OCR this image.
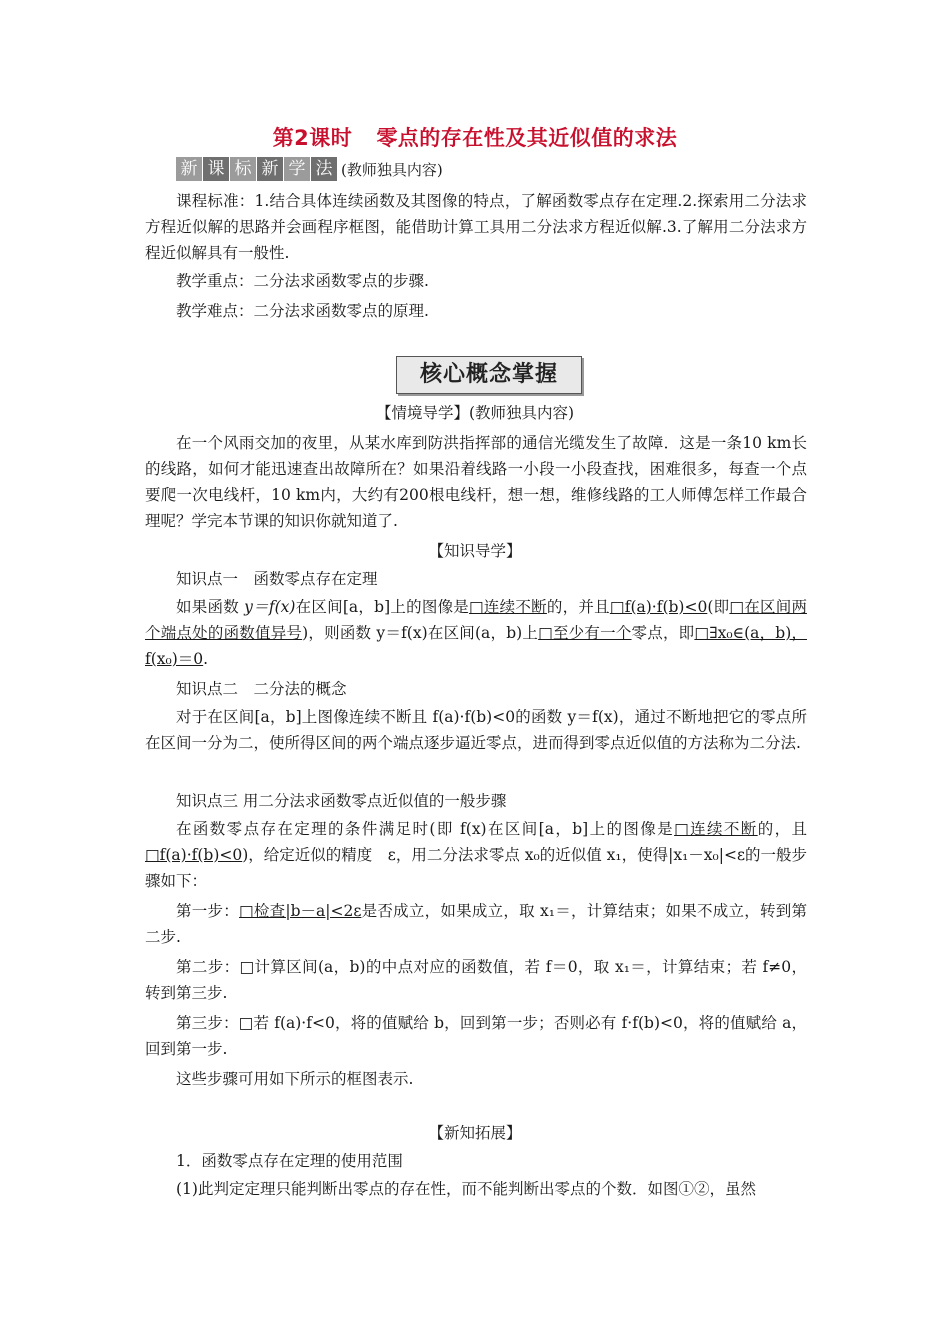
第2课时 零点的存在性及其近似值的求法
新 课 标 新 学 法 (教师独具内容)

课程标准：1.结合具体连续函数及其图像的特点，了解函数零点存在定理.2.探索用二分法求方程近似解的思路并会画程序框图，能借助计算工具用二分法求方程近似解.3.了解用二分法求方程近似解具有一般性.

教学重点：二分法求函数零点的步骤.

教学难点：二分法求函数零点的原理.

核心概念掌握

【情境导学】(教师独具内容)

在一个风雨交加的夜里，从某水库到防洪指挥部的通信光缆发生了故障．这是一条10 km长的线路，如何才能迅速查出故障所在？如果沿着线路一小段一小段查找，困难很多，每查一个点要爬一次电线杆，10 km内，大约有200根电线杆，想一想，维修线路的工人师傅怎样工作最合理呢？学完本节课的知识你就知道了.

【知识导学】

知识点一　函数零点存在定理

如果函数 y＝f(x)在区间[a，b]上的图像是□连续不断的，并且□f(a)·f(b)<0(即□在区间两个端点处的函数值异号)，则函数 y＝f(x)在区间(a，b)上□至少有一个零点，即□∃x₀∈(a，b)，f(x₀)＝0.

知识点二　二分法的概念

对于在区间[a，b]上图像连续不断且 f(a)·f(b)<0的函数 y＝f(x)，通过不断地把它的零点所在区间一分为二，使所得区间的两个端点逐步逼近零点，进而得到零点近似值的方法称为二分法.

知识点三 用二分法求函数零点近似值的一般步骤

在函数零点存在定理的条件满足时(即 f(x)在区间[a，b]上的图像是□连续不断的，且□f(a)·f(b)<0)，给定近似的精度　ε，用二分法求零点 x₀的近似值 x₁，使得|x₁－x₀|<ε的一般步骤如下：

第一步：□检查|b－a|<2ε是否成立，如果成立，取 x₁＝，计算结束；如果不成立，转到第二步.

第二步：□计算区间(a，b)的中点对应的函数值，若 f＝0，取 x₁＝，计算结束；若 f≠0，转到第三步.

第三步：□若 f(a)·f<0，将的值赋给 b，回到第一步；否则必有 f·f(b)<0，将的值赋给 a，回到第一步.

这些步骤可用如下所示的框图表示.

【新知拓展】

1．函数零点存在定理的使用范围

(1)此判定定理只能判断出零点的存在性，而不能判断出零点的个数．如图①②，虽然
